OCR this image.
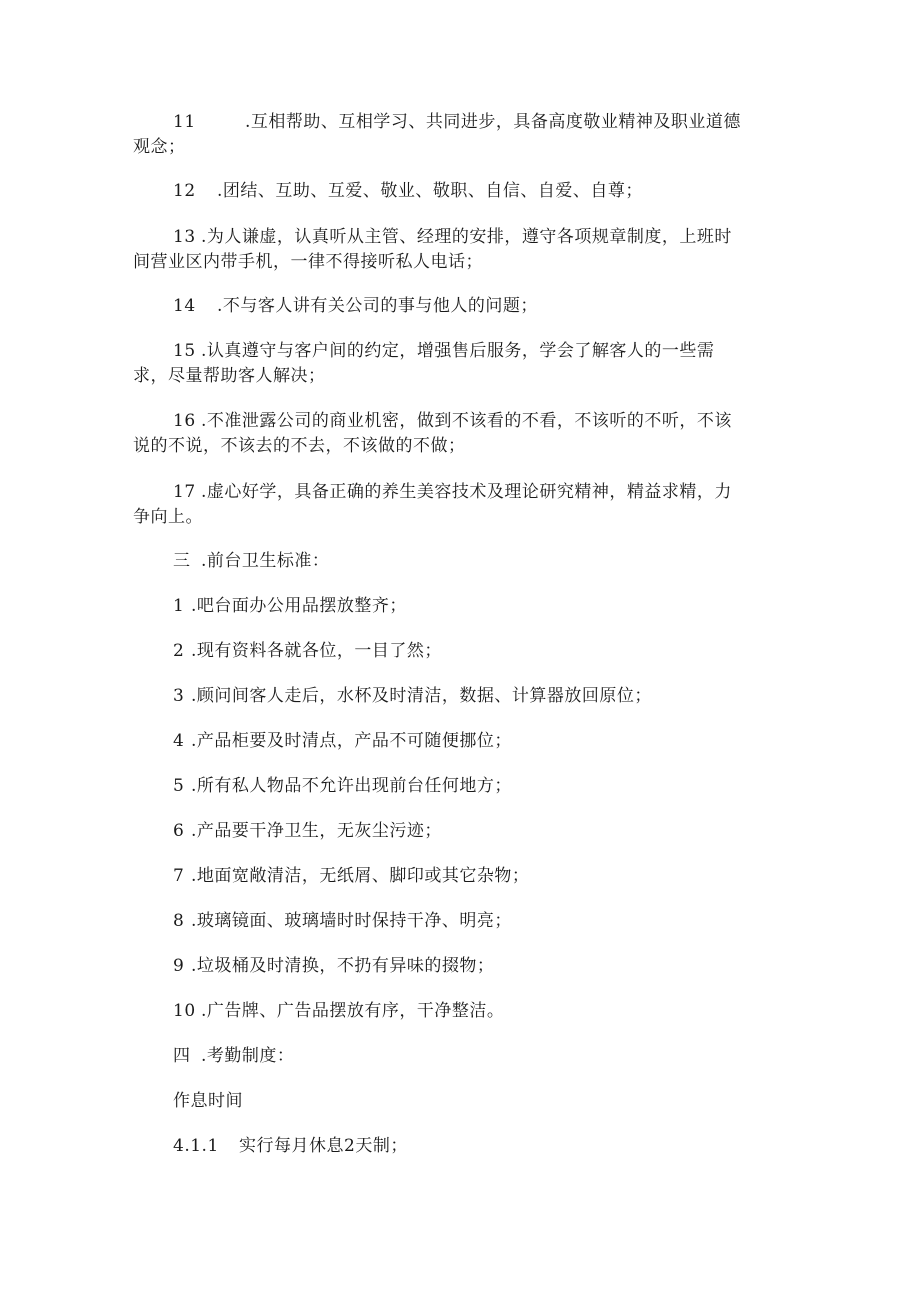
11	.互相帮助、互相学习、共同进步，具备高度敬业精神及职业道德
观念；
12 .团结、互助、互爱、敬业、敬职、自信、自爱、自尊；
13 .为人谦虚，认真听从主管、经理的安排，遵守各项规章制度，上班时
间营业区内带手机，一律不得接听私人电话；
14 .不与客人讲有关公司的事与他人的问题；
15 .认真遵守与客户间的约定，增强售后服务，学会了解客人的一些需
求，尽量帮助客人解决；
16 .不准泄露公司的商业机密，做到不该看的不看，不该听的不听，不该
说的不说，不该去的不去，不该做的不做；
17 .虚心好学，具备正确的养生美容技术及理论研究精神，精益求精，力
争向上。
三 .前台卫生标准：
1 .吧台面办公用品摆放整齐；
2 .现有资料各就各位，一目了然；
3 .顾问间客人走后，水杯及时清洁，数据、计算器放回原位；
4 .产品柜要及时清点，产品不可随便挪位；
5 .所有私人物品不允许出现前台任何地方；
6 .产品要干净卫生，无灰尘污迹；
7 .地面宽敞清洁，无纸屑、脚印或其它杂物；
8 .玻璃镜面、玻璃墙时时保持干净、明亮；
9 .垃圾桶及时清换，不扔有异味的掇物；
10 .广告牌、广告品摆放有序，干净整洁。
四 .考勤制度：
作息时间
4.1.1 实行每月休息2天制；
